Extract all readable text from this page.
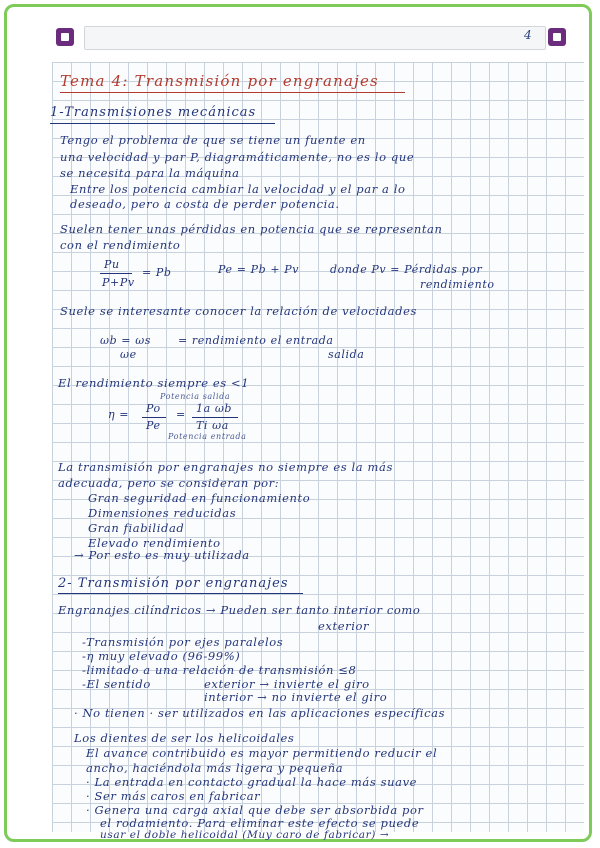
4
Tema 4: Transmisión por engranajes
1-Transmisiones mecánicas
Tengo el problema de que se tiene un fuente en
una velocidad y par P, diagramáticamente, no es lo que
se necesita para la máquina
Entre los potencia cambiar la velocidad y el par a lo
deseado, pero a costa de perder potencia.
Suelen tener unas pérdidas en potencia que se representan
con el rendimiento
Pu
P+Pv
= Pb	Pe = Pb + Pv	donde Pv = Pérdidas por
rendimiento
Suele se interesante conocer la relación de velocidades
ωb = ωs
ωe
= rendimiento el entrada
salida
El rendimiento siempre es <1
Potencia salida
η = Po
Pe
= 1a ωb
Ti ωa
Potencia entrada
La transmisión por engranajes no siempre es la más
adecuada, pero se consideran por:
Gran seguridad en funcionamiento
Dimensiones reducidas
Gran fiabilidad
Elevado rendimiento
→ Por esto es muy utilizada
2- Transmisión por engranajes
Engranajes cilíndricos → Pueden ser tanto interior como
exterior
-Transmisión por ejes paralelos
-η muy elevado (96-99%)
-limitado a una relación de transmisión ≤8
-El sentido	exterior → invierte el giro
interior → no invierte el giro
· No tienen · ser utilizados en las aplicaciones específicas
Los dientes de ser los helicoidales
El avance contribuido es mayor permitiendo reducir el
ancho, haciéndola más ligera y pequeña
· La entrada en contacto gradual la hace más suave
· Ser más caros en fabricar
· Genera una carga axial que debe ser absorbida por
el rodamiento. Para eliminar este efecto se puede
usar el doble helicoidal (Muy caro de fabricar) →
